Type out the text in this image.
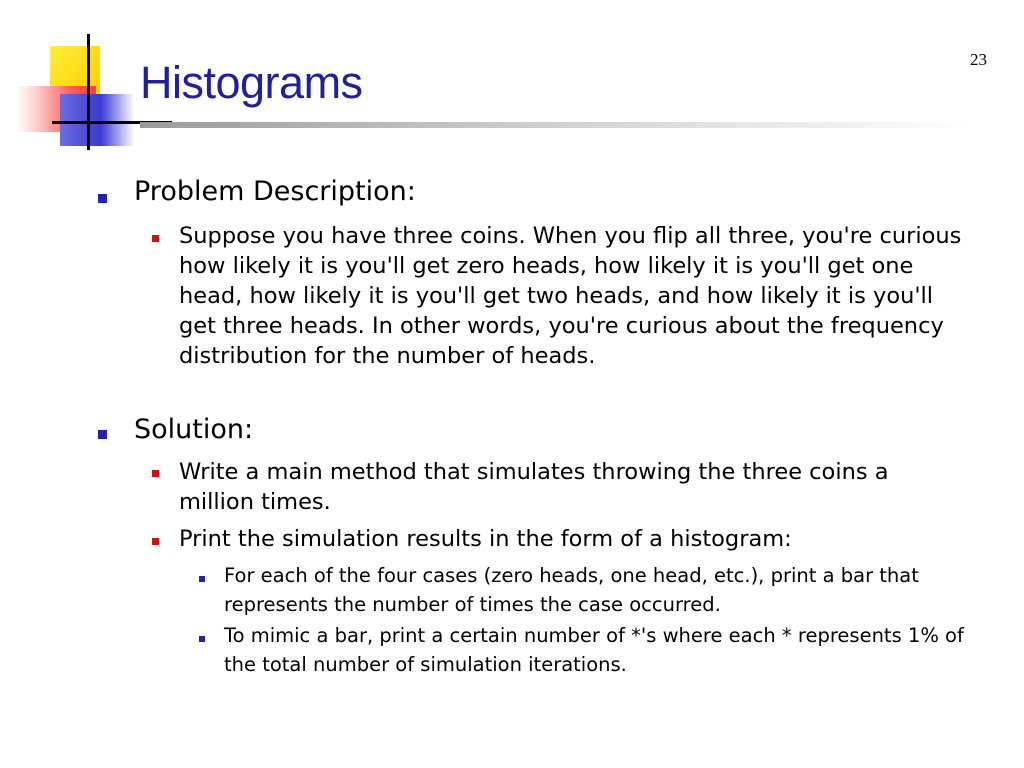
Histograms	23
Problem Description:
Suppose you have three coins. When you flip all three, you're curious how likely it is you'll get zero heads, how likely it is you'll get one head, how likely it is you'll get two heads, and how likely it is you'll get three heads. In other words, you're curious about the frequency distribution for the number of heads.
Solution:
Write a main method that simulates throwing the three coins a million times.
Print the simulation results in the form of a histogram:
For each of the four cases (zero heads, one head, etc.), print a bar that represents the number of times the case occurred.
To mimic a bar, print a certain number of *'s where each * represents 1% of the total number of simulation iterations.
